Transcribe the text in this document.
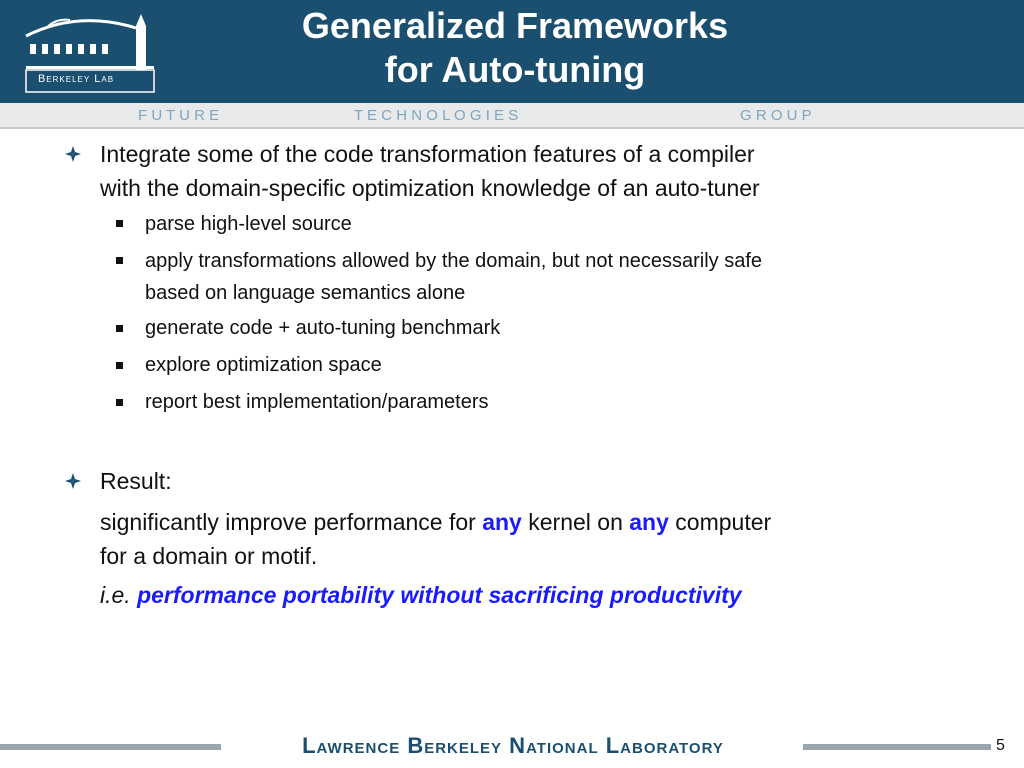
Berkeley Lab
Generalized Frameworks
for Auto-tuning
F U T U R E	T E C H N O L O G I E S	G R O U P
Integrate some of the code transformation features of a compiler
with the domain-specific optimization knowledge of an auto-tuner
parse high-level source
apply transformations allowed by the domain, but not necessarily safe
based on language semantics alone
generate code + auto-tuning benchmark
explore optimization space
report best implementation/parameters
Result:
significantly improve performance for any kernel on any computer
for a domain or motif.
i.e. performance portability without sacrificing productivity
Lawrence Berkeley National Laboratory	5
